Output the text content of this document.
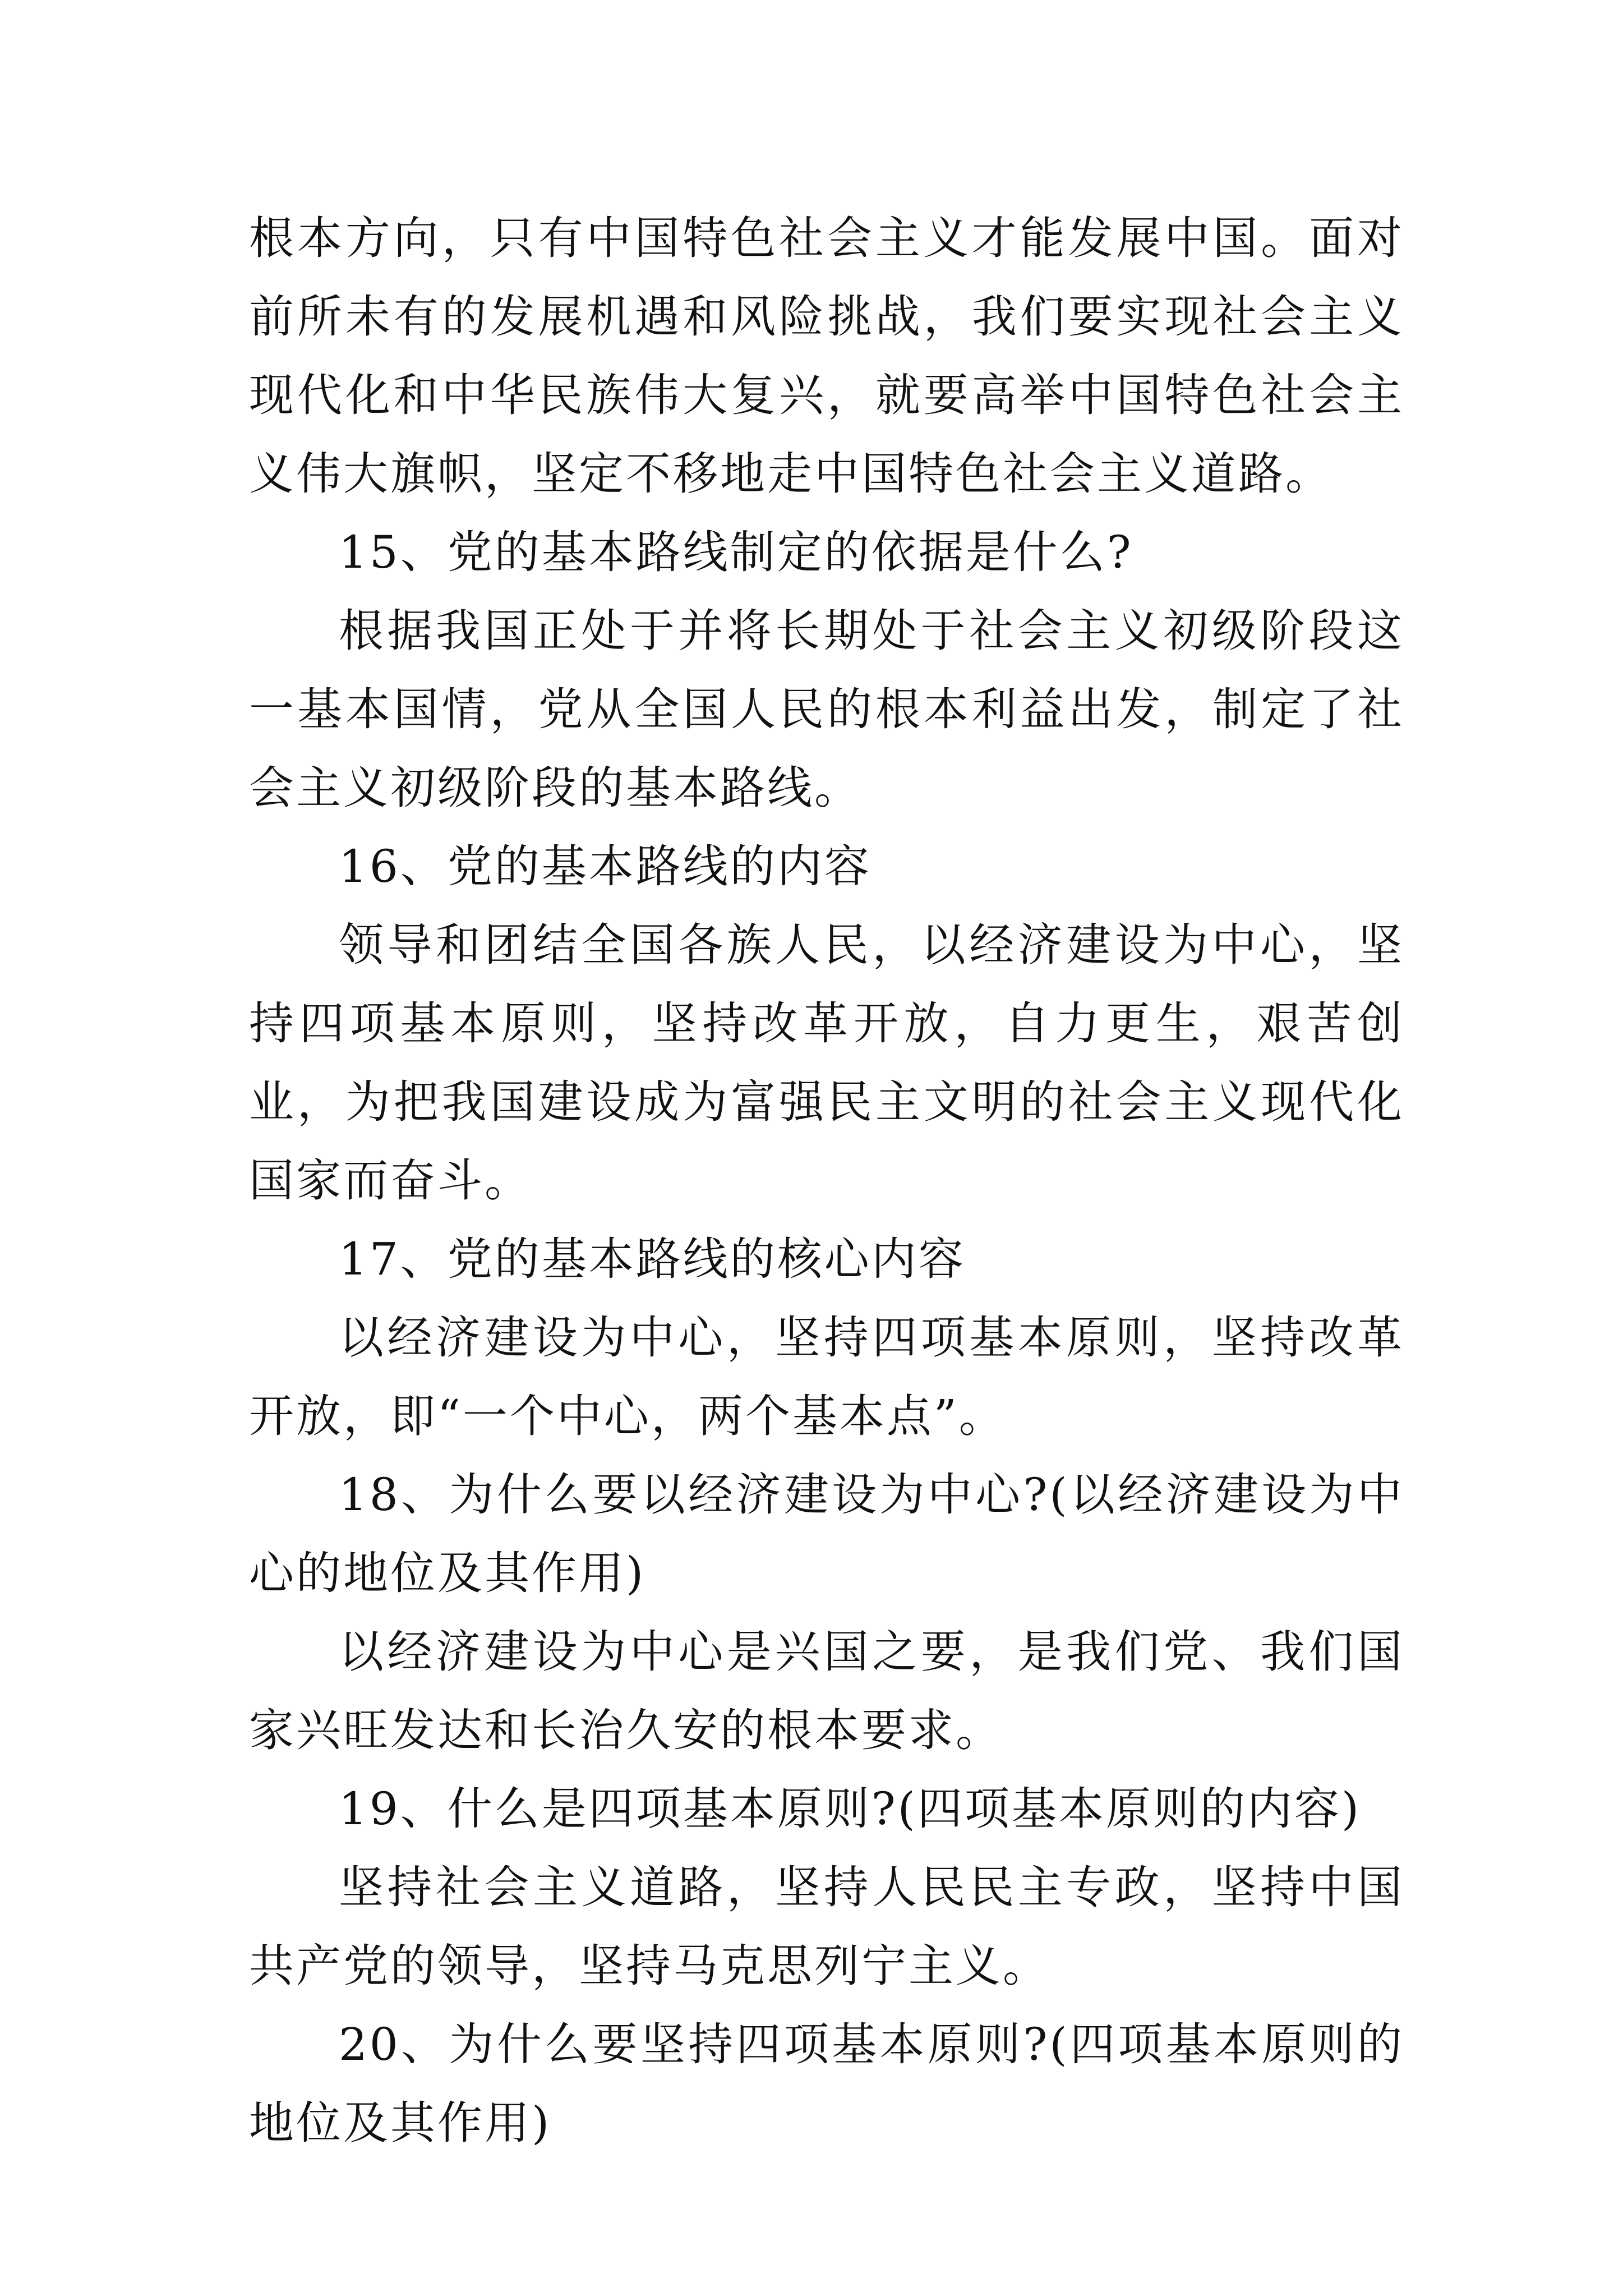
根本方向，只有中国特色社会主义才能发展中国。面对前所未有的发展机遇和风险挑战，我们要实现社会主义现代化和中华民族伟大复兴，就要高举中国特色社会主义伟大旗帜，坚定不移地走中国特色社会主义道路。

15、党的基本路线制定的依据是什么?

根据我国正处于并将长期处于社会主义初级阶段这一基本国情，党从全国人民的根本利益出发，制定了社会主义初级阶段的基本路线。

16、党的基本路线的内容

领导和团结全国各族人民，以经济建设为中心，坚持四项基本原则，坚持改革开放，自力更生，艰苦创业，为把我国建设成为富强民主文明的社会主义现代化国家而奋斗。

17、党的基本路线的核心内容

以经济建设为中心，坚持四项基本原则，坚持改革开放，即“一个中心，两个基本点”。

18、为什么要以经济建设为中心?(以经济建设为中心的地位及其作用)

以经济建设为中心是兴国之要，是我们党、我们国家兴旺发达和长治久安的根本要求。

19、什么是四项基本原则?(四项基本原则的内容)

坚持社会主义道路，坚持人民民主专政，坚持中国共产党的领导，坚持马克思列宁主义。

20、为什么要坚持四项基本原则?(四项基本原则的地位及其作用)
